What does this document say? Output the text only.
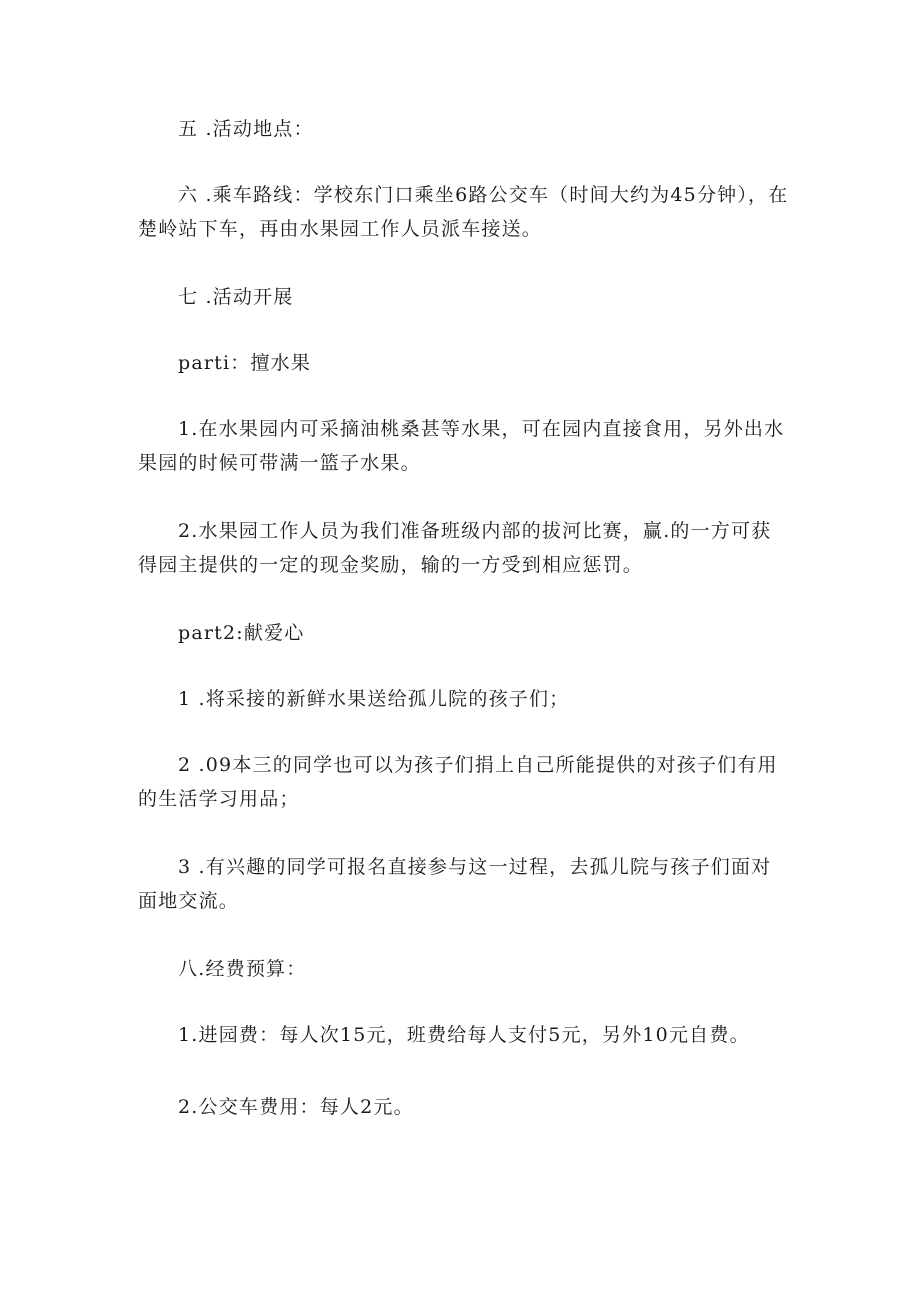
五 .活动地点：

六 .乘车路线：学校东门口乘坐6路公交车（时间大约为45分钟），在楚岭站下车，再由水果园工作人员派车接送。

七 .活动开展

parti：擅水果

1.在水果园内可采摘油桃桑甚等水果，可在园内直接食用，另外出水果园的时候可带满一篮子水果。

2.水果园工作人员为我们准备班级内部的拔河比赛，赢.的一方可获得园主提供的一定的现金奖励，输的一方受到相应惩罚。

part2:献爱心

1 .将采接的新鲜水果送给孤儿院的孩子们；

2 .09本三的同学也可以为孩子们捐上自己所能提供的对孩子们有用的生活学习用品；

3 .有兴趣的同学可报名直接参与这一过程，去孤儿院与孩子们面对面地交流。

八.经费预算：

1.进园费：每人次15元，班费给每人支付5元，另外10元自费。

2.公交车费用：每人2元。
